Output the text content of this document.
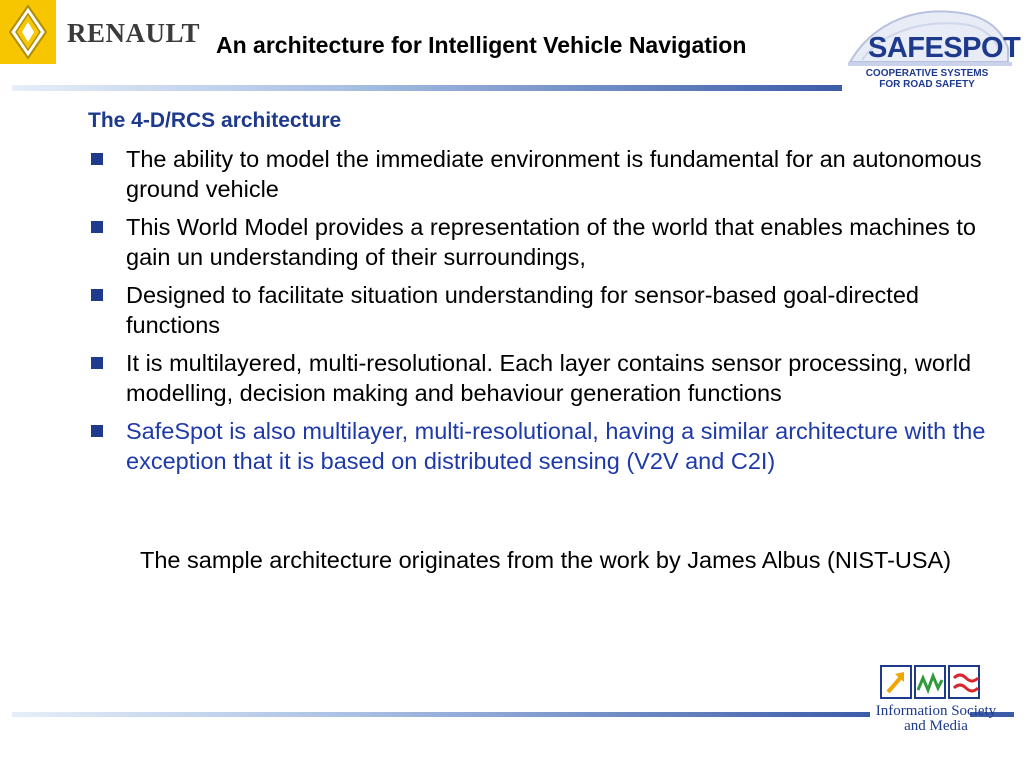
RENAULT An architecture for Intelligent Vehicle Navigation	SAFESPOT
COOPERATIVE SYSTEMS
FOR ROAD SAFETY
The 4-D/RCS architecture
The ability to model the immediate environment is fundamental for an autonomous ground vehicle
This World Model provides a representation of the world that enables machines to gain un understanding of their surroundings,
Designed to facilitate situation understanding for sensor-based goal-directed functions
It is multilayered, multi-resolutional. Each layer contains sensor processing, world modelling, decision making and behaviour generation functions
SafeSpot is also multilayer, multi-resolutional, having a similar architecture with the exception that it is based on distributed sensing (V2V and C2I)
The sample architecture originates from the work by James Albus (NIST-USA)
Information Society
and Media
